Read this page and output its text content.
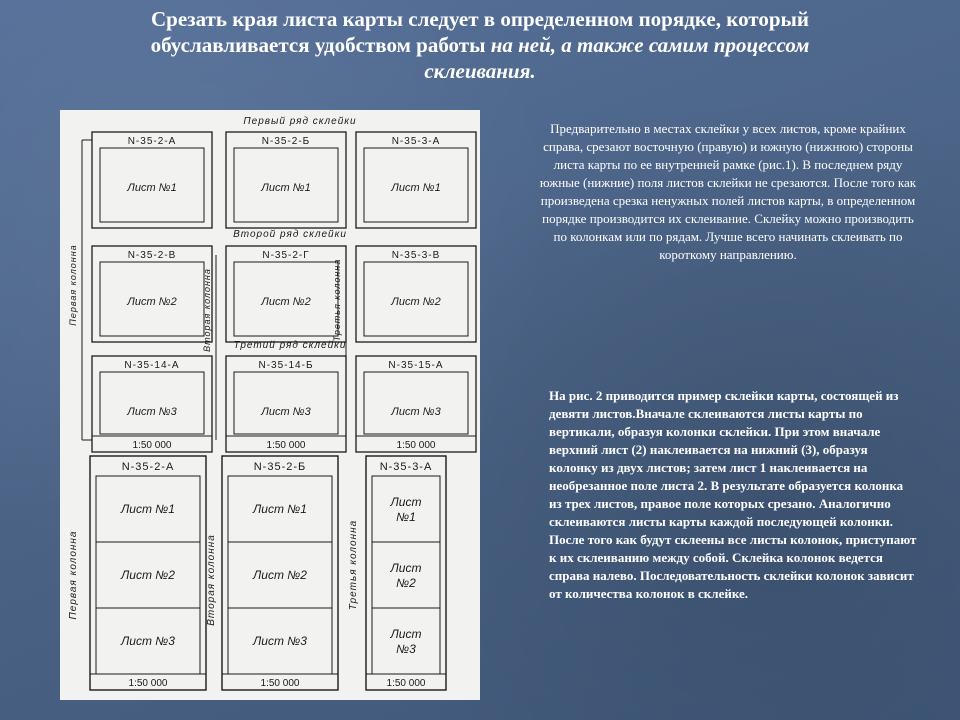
Срезать края листа карты следует в определенном порядке, который
обуславливается удобством работы на ней, а также самим процессом
склеивания.
N-35-2-А
Лист №1
N-35-2-Б
Лист №1
N-35-3-А
Лист №1
N-35-2-В
Лист №2
N-35-2-Г
Лист №2
N-35-3-В
Лист №2
N-35-14-А
Лист №3
1:50 000
N-35-14-Б
Лист №3
1:50 000
N-35-15-А
Лист №3
1:50 000
Первый ряд склейки
Второй ряд склейки
Третий ряд склейки
Первая колонна	Вторая колонна	Третья колонна
N-35-2-А
Лист №1
Лист №2
Лист №3
1:50 000
N-35-2-Б
Лист №1
Лист №2
Лист №3
1:50 000
N-35-3-А
Лист
№1
Лист
№2
Лист
№3
1:50 000
Первая колонна	Вторая колонна	Третья колонна
Предварительно в местах склейки у всех листов, кроме крайних справа, срезают восточную (правую) и южную (нижнюю) стороны листа карты по ее внутренней рамке (рис.1). В последнем ряду южные (нижние) поля листов склейки не срезаются. После того как произведена срезка ненужных полей листов карты, в определенном порядке производится их склеивание. Склейку можно производить по колонкам или по рядам. Лучше всего начинать склеивать по короткому направлению.
На рис. 2 приводится пример склейки карты, состоящей из девяти листов.Вначале склеиваются листы карты по вертикали, образуя колонки склейки. При этом вначале верхний лист (2) наклеивается на нижний (3), образуя колонку из двух листов; затем лист 1 наклеивается на необрезанное поле листа 2. В результате образуется колонка из трех листов, правое поле которых срезано. Аналогично склеиваются листы карты каждой последующей колонки. После того как будут склеены все листы колонок, приступают к их склеиванию между собой. Склейка колонок ведется справа налево. Последовательность склейки колонок зависит от количества колонок в склейке.
